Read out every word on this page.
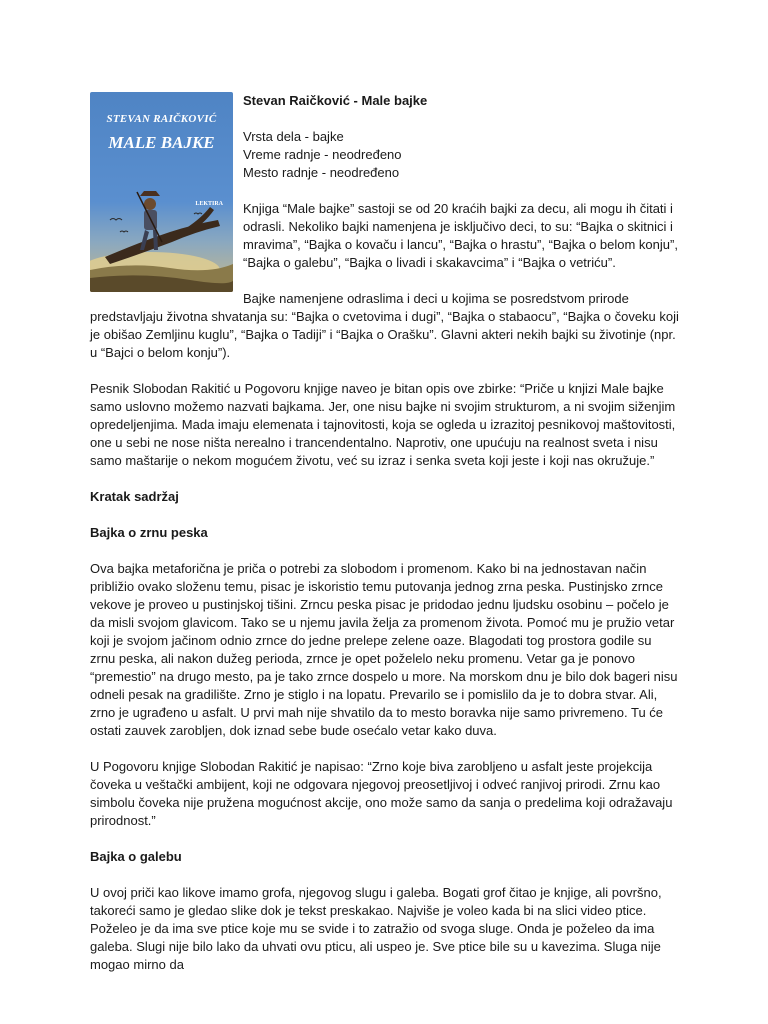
STEVAN RAIČKOVIĆ
MALE BAJKE
LEKTIRA

Stevan Raičković - Male bajke

Vrsta dela - bajke

Vreme radnje - neodređeno

Mesto radnje - neodređeno

Knjiga “Male bajke” sastoji se od 20 kraćih bajki za decu, ali mogu ih čitati i odrasli. Nekoliko bajki namenjena je isključivo deci, to su: “Bajka o skitnici i mravima”, “Bajka o kovaču i lancu”, “Bajka o hrastu”, “Bajka o belom konju”, “Bajka o galebu”, “Bajka o livadi i skakavcima” i “Bajka o vetriću”.

Bajke namenjene odraslima i deci u kojima se posredstvom prirode predstavljaju životna shvatanja su: “Bajka o cvetovima i dugi”, “Bajka o stabaocu”, “Bajka o čoveku koji je obišao Zemljinu kuglu”, “Bajka o Tadiji” i “Bajka o Orašku”. Glavni akteri nekih bajki su životinje (npr. u “Bajci o belom konju”).

Pesnik Slobodan Rakitić u Pogovoru knjige naveo je bitan opis ove zbirke: “Priče u knjizi Male bajke samo uslovno možemo nazvati bajkama. Jer, one nisu bajke ni svojim strukturom, a ni svojim siženjim opredeljenjima. Mada imaju elemenata i tajnovitosti, koja se ogleda u izrazitoj pesnikovoj maštovitosti, one u sebi ne nose ništa nerealno i trancendentalno. Naprotiv, one upućuju na realnost sveta i nisu samo maštarije o nekom mogućem životu, već su izraz i senka sveta koji jeste i koji nas okružuje.”

Kratak sadržaj

Bajka o zrnu peska

Ova bajka metaforična je priča o potrebi za slobodom i promenom. Kako bi na jednostavan način približio ovako složenu temu, pisac je iskoristio temu putovanja jednog zrna peska. Pustinjsko zrnce vekove je proveo u pustinjskoj tišini. Zrncu peska pisac je pridodao jednu ljudsku osobinu – počelo je da misli svojom glavicom. Tako se u njemu javila želja za promenom života. Pomoć mu je pružio vetar koji je svojom jačinom odnio zrnce do jedne prelepe zelene oaze. Blagodati tog prostora godile su zrnu peska, ali nakon dužeg perioda, zrnce je opet poželelo neku promenu. Vetar ga je ponovo “premestio” na drugo mesto, pa je tako zrnce dospelo u more. Na morskom dnu je bilo dok bageri nisu odneli pesak na gradilište. Zrno je stiglo i na lopatu. Prevarilo se i pomislilo da je to dobra stvar. Ali, zrno je ugrađeno u asfalt. U prvi mah nije shvatilo da to mesto boravka nije samo privremeno. Tu će ostati zauvek zarobljen, dok iznad sebe bude osećalo vetar kako duva.

U Pogovoru knjige Slobodan Rakitić je napisao: “Zrno koje biva zarobljeno u asfalt jeste projekcija čoveka u veštački ambijent, koji ne odgovara njegovoj preosetljivoj i odveć ranjivoj prirodi. Zrnu kao simbolu čoveka nije pružena mogućnost akcije, ono može samo da sanja o predelima koji odražavaju prirodnost.”

Bajka o galebu

U ovoj priči kao likove imamo grofa, njegovog slugu i galeba. Bogati grof čitao je knjige, ali površno, takoreći samo je gledao slike dok je tekst preskakao. Najviše je voleo kada bi na slici video ptice. Poželeo je da ima sve ptice koje mu se svide i to zatražio od svoga sluge. Onda je poželeo da ima galeba. Slugi nije bilo lako da uhvati ovu pticu, ali uspeo je. Sve ptice bile su u kavezima. Sluga nije mogao mirno da
